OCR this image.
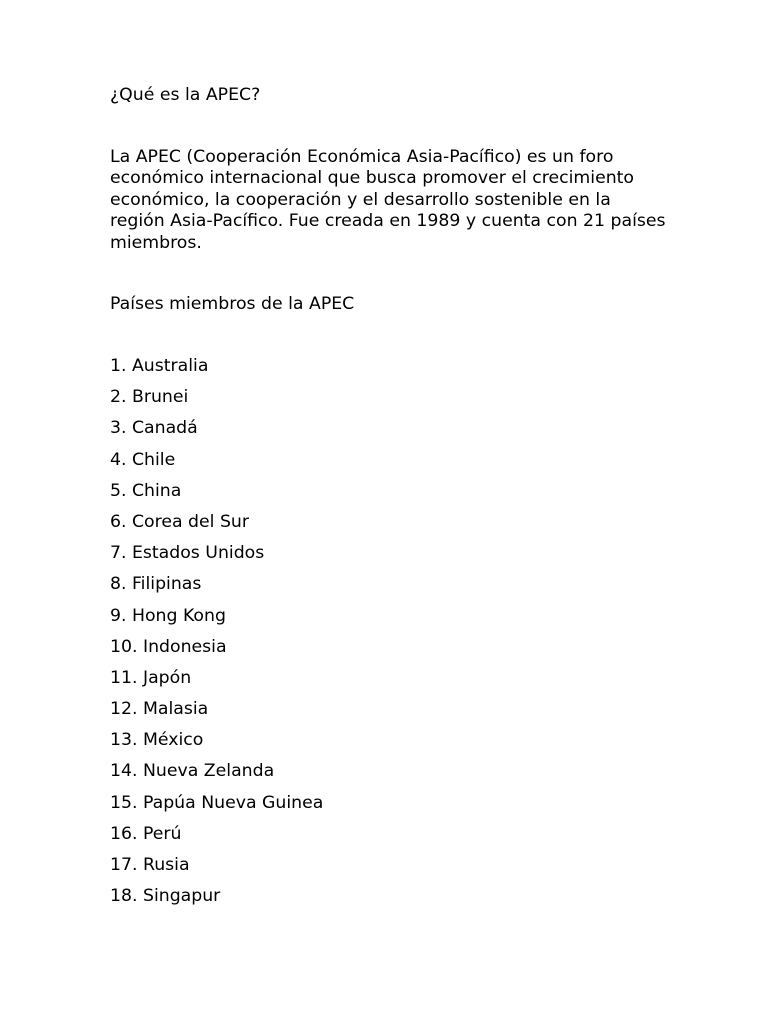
¿Qué es la APEC?

La APEC (Cooperación Económica Asia-Pacífico) es un foro económico internacional que busca promover el crecimiento económico, la cooperación y el desarrollo sostenible en la región Asia-Pacífico. Fue creada en 1989 y cuenta con 21 países miembros.

Países miembros de la APEC
1. Australia
2. Brunei
3. Canadá
4. Chile
5. China
6. Corea del Sur
7. Estados Unidos
8. Filipinas
9. Hong Kong
10. Indonesia
11. Japón
12. Malasia
13. México
14. Nueva Zelanda
15. Papúa Nueva Guinea
16. Perú
17. Rusia
18. Singapur
